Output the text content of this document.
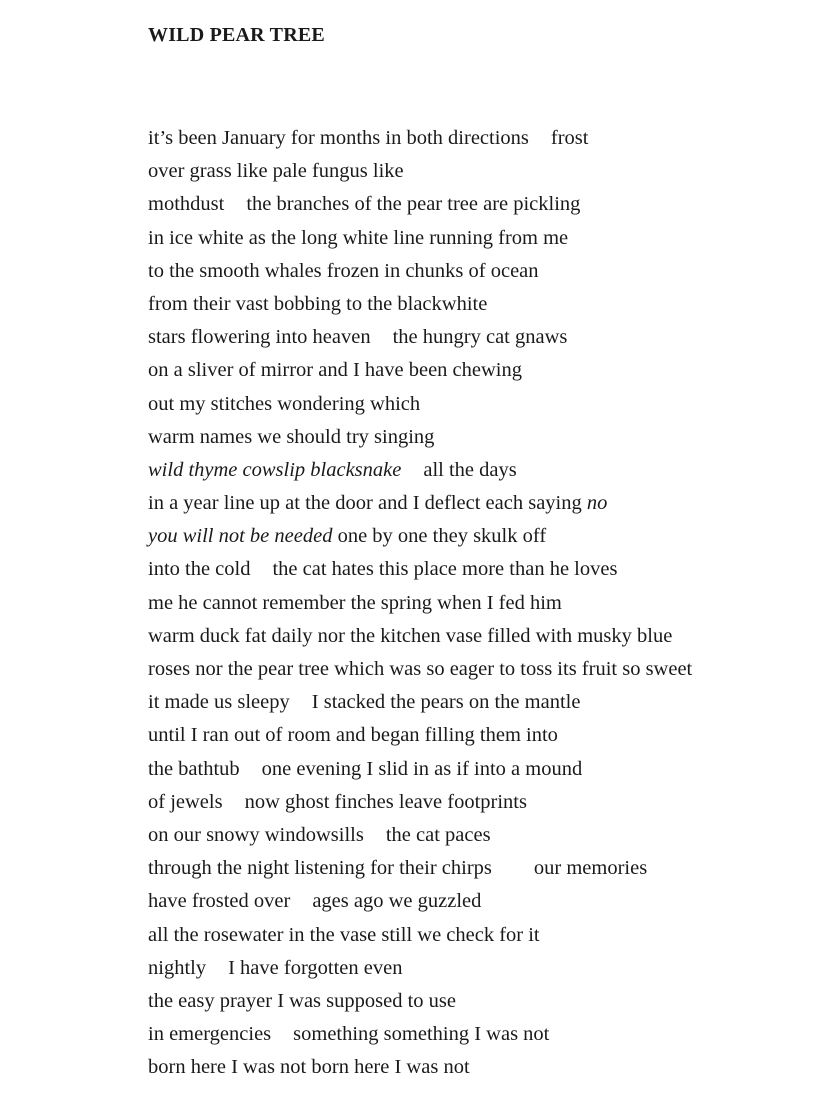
WILD PEAR TREE
it’s been January for months in both directions frost
over grass like pale fungus like
mothdust the branches of the pear tree are pickling
in ice white as the long white line running from me
to the smooth whales frozen in chunks of ocean
from their vast bobbing to the blackwhite
stars flowering into heaven the hungry cat gnaws
on a sliver of mirror and I have been chewing
out my stitches wondering which
warm names we should try singing
wild thyme cowslip blacksnake all the days
in a year line up at the door and I deflect each saying no
you will not be needed one by one they skulk off
into the cold the cat hates this place more than he loves
me he cannot remember the spring when I fed him
warm duck fat daily nor the kitchen vase filled with musky blue
roses nor the pear tree which was so eager to toss its fruit so sweet
it made us sleepy I stacked the pears on the mantle
until I ran out of room and began filling them into
the bathtub one evening I slid in as if into a mound
of jewels now ghost finches leave footprints
on our snowy windowsills the cat paces
through the night listening for their chirps our memories
have frosted over ages ago we guzzled
all the rosewater in the vase still we check for it
nightly I have forgotten even
the easy prayer I was supposed to use
in emergencies something something I was not
born here I was not born here I was not
